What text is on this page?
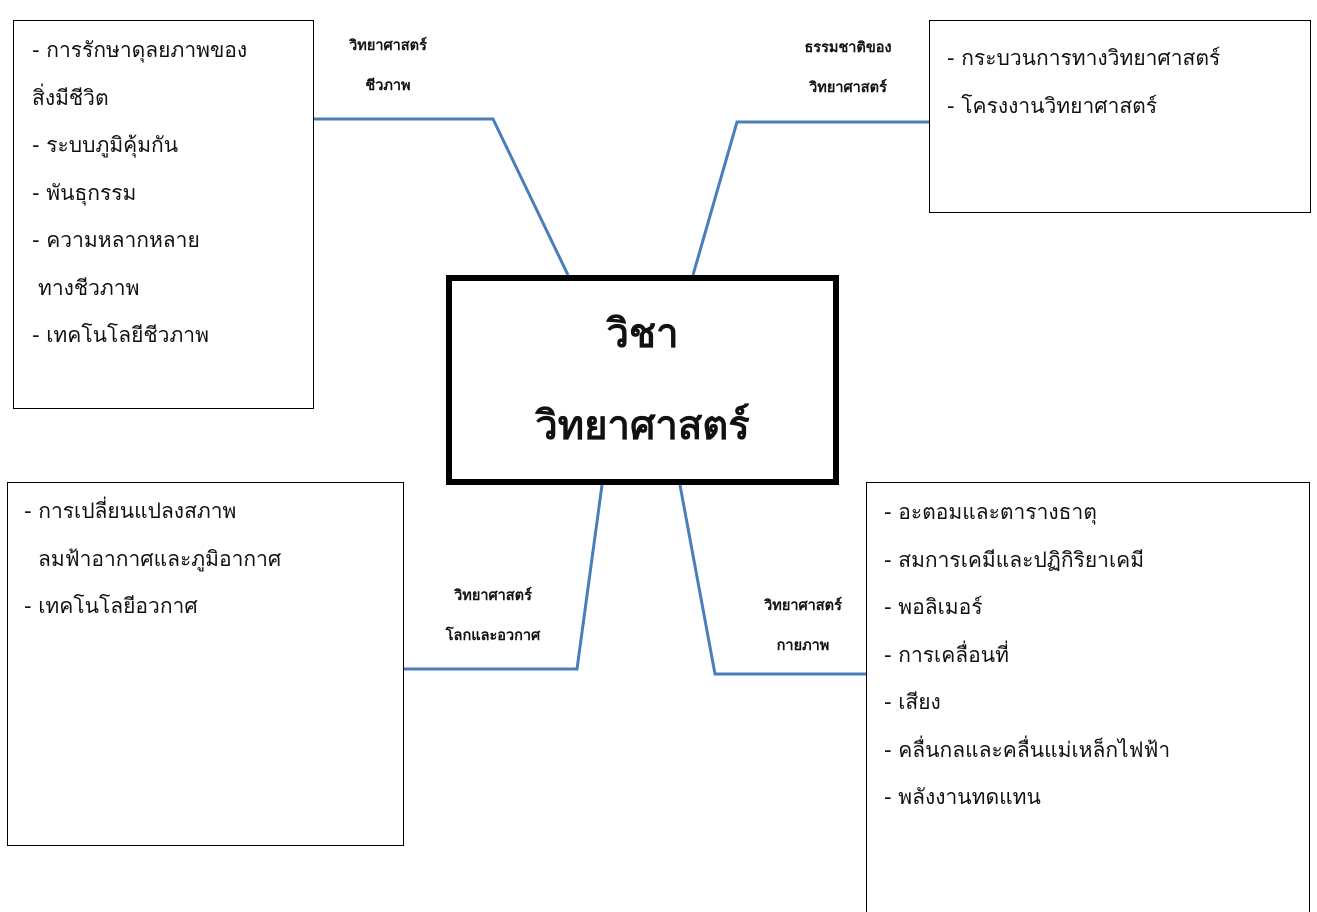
- การรักษาดุลยภาพของ
สิ่งมีชีวิต
- ระบบภูมิคุ้มกัน
- พันธุกรรม
- ความหลากหลาย
ทางชีวภาพ
- เทคโนโลยีชีวภาพ
- กระบวนการทางวิทยาศาสตร์
- โครงงานวิทยาศาสตร์
- การเปลี่ยนแปลงสภาพ
ลมฟ้าอากาศและภูมิอากาศ
- เทคโนโลยีอวกาศ
- อะตอมและตารางธาตุ
- สมการเคมีและปฏิกิริยาเคมี
- พอลิเมอร์
- การเคลื่อนที่
- เสียง
- คลื่นกลและคลื่นแม่เหล็กไฟฟ้า
- พลังงานทดแทน
วิทยาศาสตร์
ชีวภาพ
ธรรมชาติของ
วิทยาศาสตร์
วิทยาศาสตร์
โลกและอวกาศ
วิทยาศาสตร์
กายภาพ
วิชา
วิทยาศาสตร์
